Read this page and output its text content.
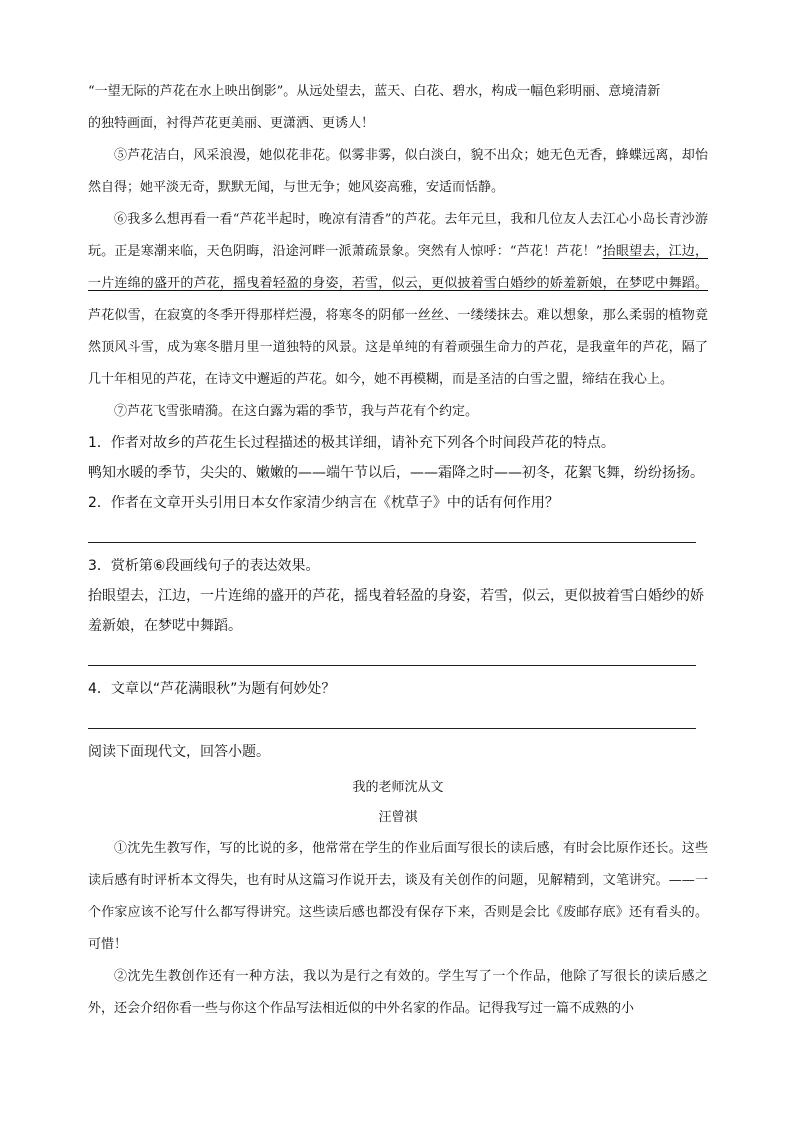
“一望无际的芦花在水上映出倒影”。从远处望去，蓝天、白花、碧水，构成一幅色彩明丽、意境清新

的独特画面，衬得芦花更美丽、更潇洒、更诱人！

⑤芦花洁白，风采浪漫，她似花非花。似雾非雾，似白淡白，貌不出众；她无色无香，蜂蝶远离，却怡然自得；她平淡无奇，默默无闻，与世无争；她风姿高雅，安适而恬静。

⑥我多么想再看一看“芦花半起时，晚凉有清香”的芦花。去年元旦，我和几位友人去江心小岛长青沙游玩。正是寒潮来临，天色阴晦，沿途河畔一派萧疏景象。突然有人惊呼：“芦花！芦花！”抬眼望去，江边，一片连绵的盛开的芦花，摇曳着轻盈的身姿，若雪，似云，更似披着雪白婚纱的娇羞新娘，在梦呓中舞蹈。芦花似雪，在寂寞的冬季开得那样烂漫，将寒冬的阴郁一丝丝、一缕缕抹去。难以想象，那么柔弱的植物竟然顶风斗雪，成为寒冬腊月里一道独特的风景。这是单纯的有着顽强生命力的芦花，是我童年的芦花，隔了几十年相见的芦花，在诗文中邂逅的芦花。如今，她不再模糊，而是圣洁的白雪之盟，缔结在我心上。

⑦芦花飞雪张晴漪。在这白露为霜的季节，我与芦花有个约定。

1．作者对故乡的芦花生长过程描述的极其详细，请补充下列各个时间段芦花的特点。

鸭知水暖的季节，尖尖的、嫩嫩的——端午节以后，——霜降之时——初冬，花絮飞舞，纷纷扬扬。

2．作者在文章开头引用日本女作家清少纳言在《枕草子》中的话有何作用？

3．赏析第⑥段画线句子的表达效果。

抬眼望去，江边，一片连绵的盛开的芦花，摇曳着轻盈的身姿，若雪，似云，更似披着雪白婚纱的娇羞新娘，在梦呓中舞蹈。

4．文章以“芦花满眼秋”为题有何妙处？

阅读下面现代文，回答小题。

我的老师沈从文

汪曾祺

①沈先生教写作，写的比说的多，他常常在学生的作业后面写很长的读后感，有时会比原作还长。这些读后感有时评析本文得失，也有时从这篇习作说开去，谈及有关创作的问题，见解精到，文笔讲究。——一个作家应该不论写什么都写得讲究。这些读后感也都没有保存下来，否则是会比《废邮存底》还有看头的。可惜！

②沈先生教创作还有一种方法，我以为是行之有效的。学生写了一个作品，他除了写很长的读后感之外，还会介绍你看一些与你这个作品写法相近似的中外名家的作品。记得我写过一篇不成熟的小
